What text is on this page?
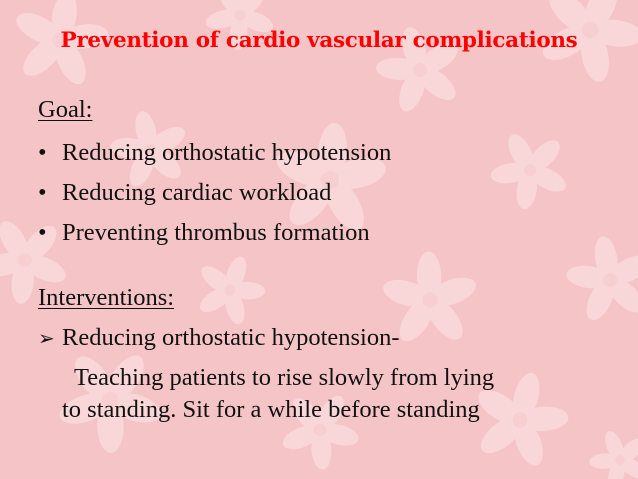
Prevention of cardio vascular complications
Goal:
• Reducing orthostatic hypotension
• Reducing cardiac workload
• Preventing thrombus formation
Interventions:
➢ Reducing orthostatic hypotension-
Teaching patients to rise slowly from lying
to standing. Sit for a while before standing
